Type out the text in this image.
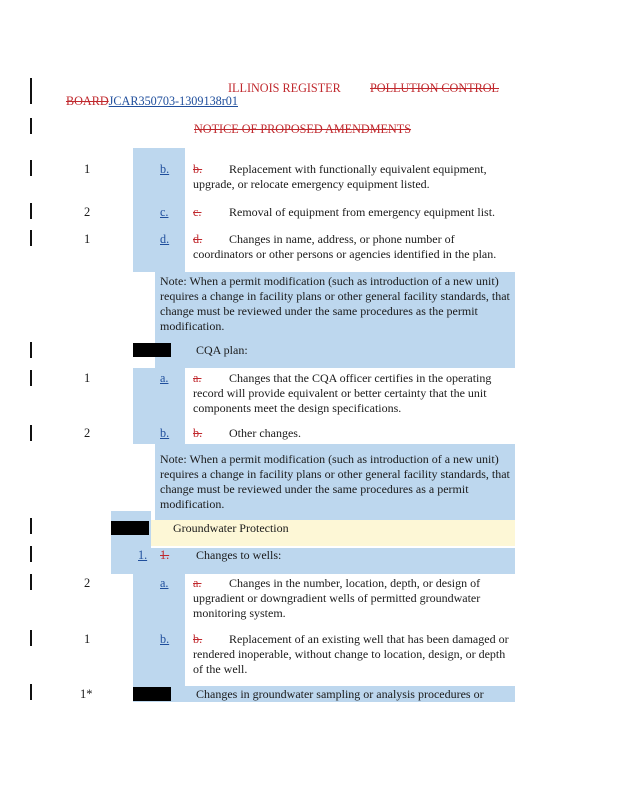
ILLINOIS REGISTER POLLUTION CONTROL
BOARDJCAR350703-1309138r01
NOTICE OF PROPOSED AMENDMENTS
1	b. b. Replacement with functionally equivalent equipment,
upgrade, or relocate emergency equipment listed.
2	c. c. Removal of equipment from emergency equipment list.
1	d. d. Changes in name, address, or phone number of
coordinators or other persons or agencies identified in the plan.
Note: When a permit modification (such as introduction of a new unit)
requires a change in facility plans or other general facility standards, that
change must be reviewed under the same procedures as the permit
modification.
CQA plan:
1	a. a. Changes that the CQA officer certifies in the operating
record will provide equivalent or better certainty that the unit
components meet the design specifications.
2	b. b. Other changes.
Note: When a permit modification (such as introduction of a new unit)
requires a change in facility plans or other general facility standards, that
change must be reviewed under the same procedures as a permit
modification.
Groundwater Protection
1. 1. Changes to wells:
2	a. a. Changes in the number, location, depth, or design of
upgradient or downgradient wells of permitted groundwater
monitoring system.
1	b. b. Replacement of an existing well that has been damaged or
rendered inoperable, without change to location, design, or depth
of the well.
1*	Changes in groundwater sampling or analysis procedures or
